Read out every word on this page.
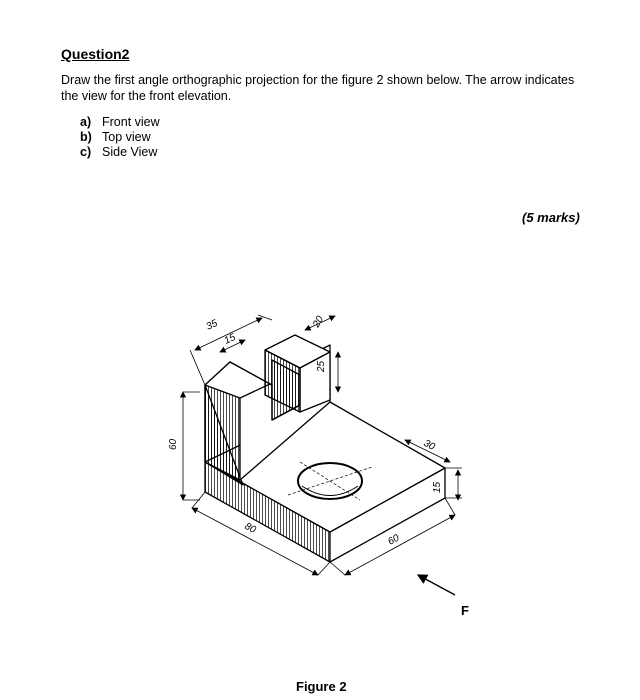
Question2
Draw the first angle orthographic projection for the figure 2 shown below. The arrow indicates the view for the front elevation.
a) Front view
b) Top view
c) Side View
(5 marks)
35
15
20
25
60	30
15
80
60
F
Figure 2
